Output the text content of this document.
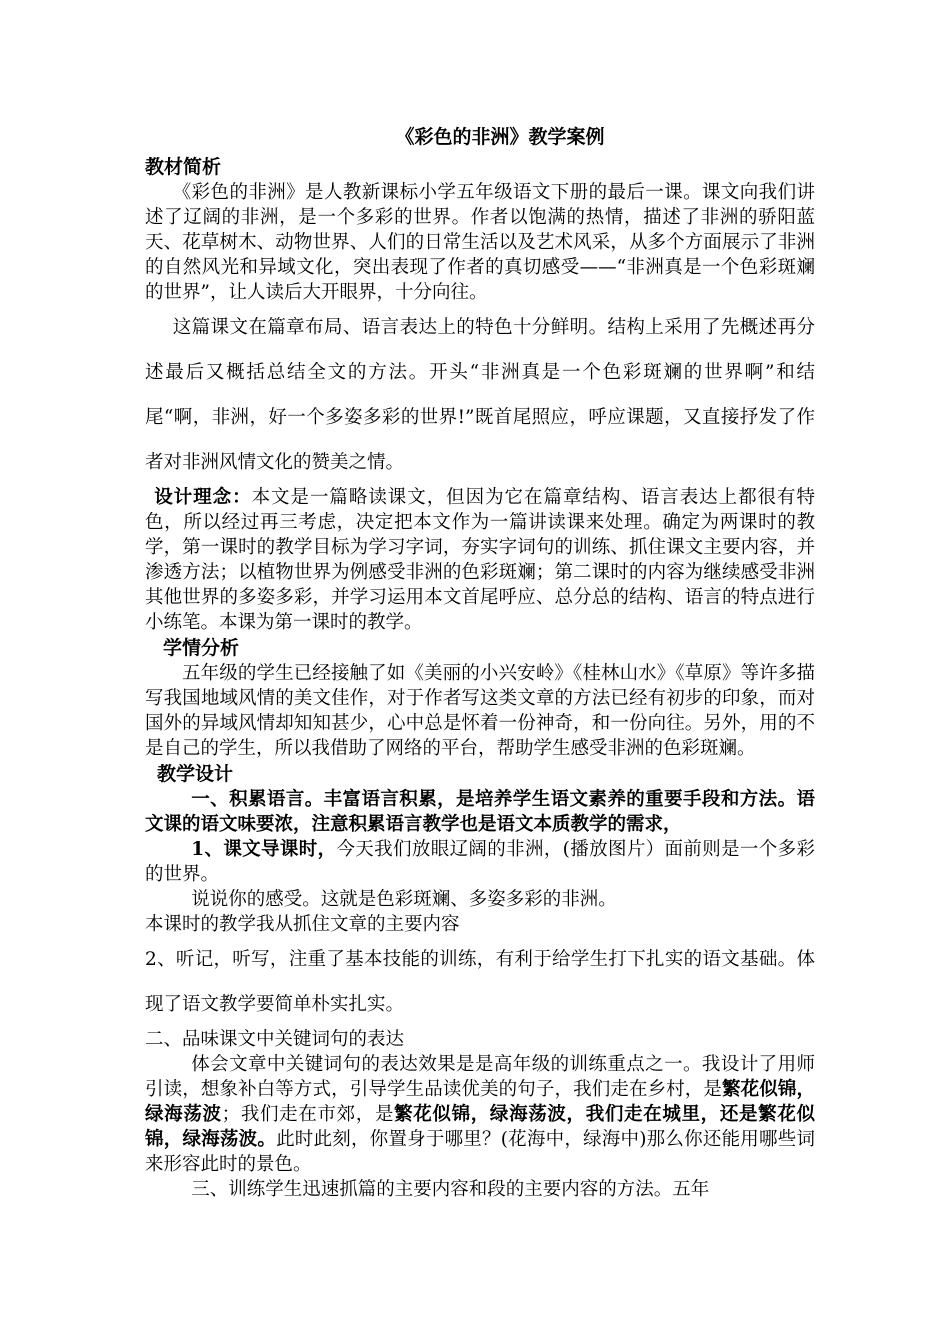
《彩色的非洲》教学案例
教材简析

《彩色的非洲》是人教新课标小学五年级语文下册的最后一课。课文向我们讲述了辽阔的非洲，是一个多彩的世界。作者以饱满的热情，描述了非洲的骄阳蓝天、花草树木、动物世界、人们的日常生活以及艺术风采，从多个方面展示了非洲的自然风光和异域文化，突出表现了作者的真切感受——“非洲真是一个色彩斑斓的世界”，让人读后大开眼界，十分向往。

这篇课文在篇章布局、语言表达上的特色十分鲜明。结构上采用了先概述再分述最后又概括总结全文的方法。开头“非洲真是一个色彩斑斓的世界啊”和结尾“啊，非洲，好一个多姿多彩的世界!”既首尾照应，呼应课题，又直接抒发了作者对非洲风情文化的赞美之情。

设计理念：本文是一篇略读课文，但因为它在篇章结构、语言表达上都很有特色，所以经过再三考虑，决定把本文作为一篇讲读课来处理。确定为两课时的教学，第一课时的教学目标为学习字词，夯实字词句的训练、抓住课文主要内容，并渗透方法；以植物世界为例感受非洲的色彩斑斓；第二课时的内容为继续感受非洲其他世界的多姿多彩，并学习运用本文首尾呼应、总分总的结构、语言的特点进行小练笔。本课为第一课时的教学。

学情分析

五年级的学生已经接触了如《美丽的小兴安岭》《桂林山水》《草原》等许多描写我国地域风情的美文佳作，对于作者写这类文章的方法已经有初步的印象，而对国外的异域风情却知知甚少，心中总是怀着一份神奇，和一份向往。另外，用的不是自己的学生，所以我借助了网络的平台，帮助学生感受非洲的色彩斑斓。

教学设计

一、积累语言。丰富语言积累，是培养学生语文素养的重要手段和方法。语文课的语文味要浓，注意积累语言教学也是语文本质教学的需求，

1、课文导课时，今天我们放眼辽阔的非洲，(播放图片）面前则是一个多彩的世界。

说说你的感受。这就是色彩斑斓、多姿多彩的非洲。

本课时的教学我从抓住文章的主要内容

2、听记，听写，注重了基本技能的训练，有利于给学生打下扎实的语文基础。体现了语文教学要简单朴实扎实。

二、品味课文中关键词句的表达

体会文章中关键词句的表达效果是是高年级的训练重点之一。我设计了用师引读，想象补白等方式，引导学生品读优美的句子，我们走在乡村，是繁花似锦，绿海荡波；我们走在市郊，是繁花似锦，绿海荡波，我们走在城里，还是繁花似锦，绿海荡波。此时此刻，你置身于哪里？(花海中，绿海中)那么你还能用哪些词来形容此时的景色。

三、训练学生迅速抓篇的主要内容和段的主要内容的方法。五年
